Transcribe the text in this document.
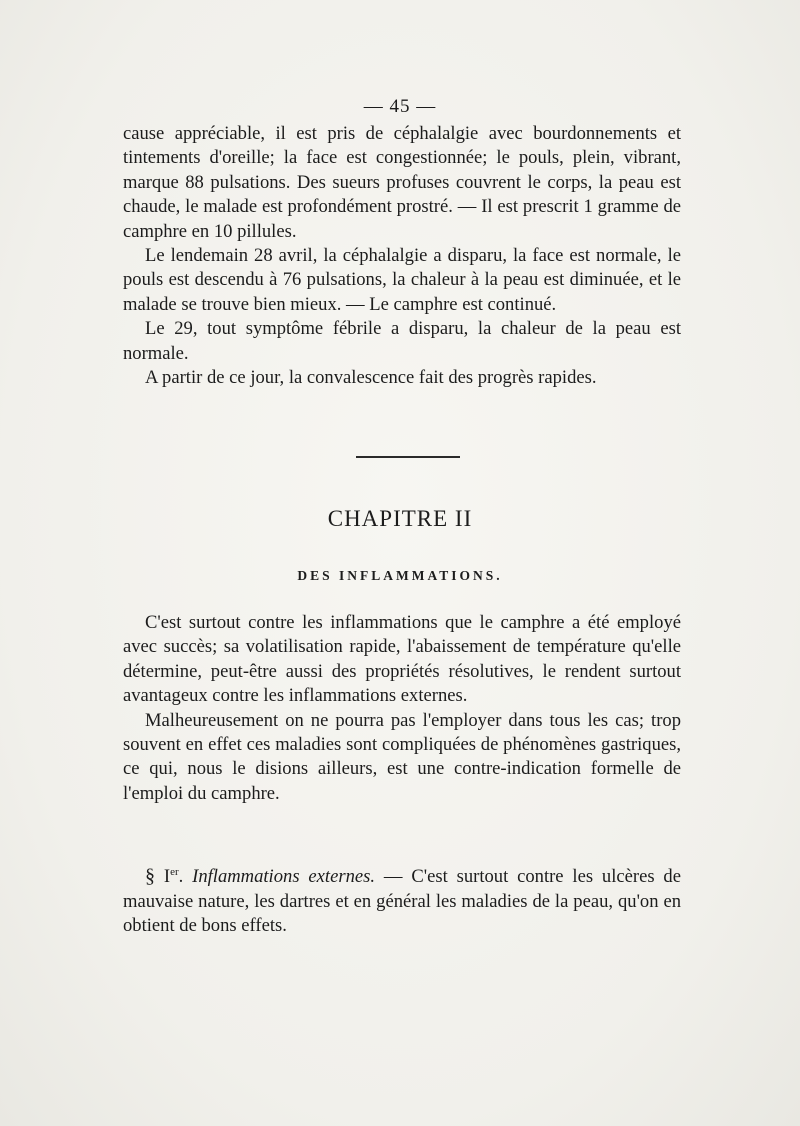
— 45 —

cause appréciable, il est pris de céphalalgie avec bourdonnements et tintements d'oreille; la face est congestionnée; le pouls, plein, vibrant, marque 88 pulsations. Des sueurs profuses couvrent le corps, la peau est chaude, le malade est profondément prostré. — Il est prescrit 1 gramme de camphre en 10 pillules.

Le lendemain 28 avril, la céphalalgie a disparu, la face est normale, le pouls est descendu à 76 pulsations, la chaleur à la peau est diminuée, et le malade se trouve bien mieux. — Le camphre est continué.

Le 29, tout symptôme fébrile a disparu, la chaleur de la peau est normale.

A partir de ce jour, la convalescence fait des progrès rapides.

CHAPITRE II
DES INFLAMMATIONS.

C'est surtout contre les inflammations que le camphre a été employé avec succès; sa volatilisation rapide, l'abaissement de température qu'elle détermine, peut-être aussi des propriétés résolutives, le rendent surtout avantageux contre les inflammations externes.

Malheureusement on ne pourra pas l'employer dans tous les cas; trop souvent en effet ces maladies sont compliquées de phénomènes gastriques, ce qui, nous le disions ailleurs, est une contre-indication formelle de l'emploi du camphre.

§ Ier. Inflammations externes. — C'est surtout contre les ulcères de mauvaise nature, les dartres et en général les maladies de la peau, qu'on en obtient de bons effets.
